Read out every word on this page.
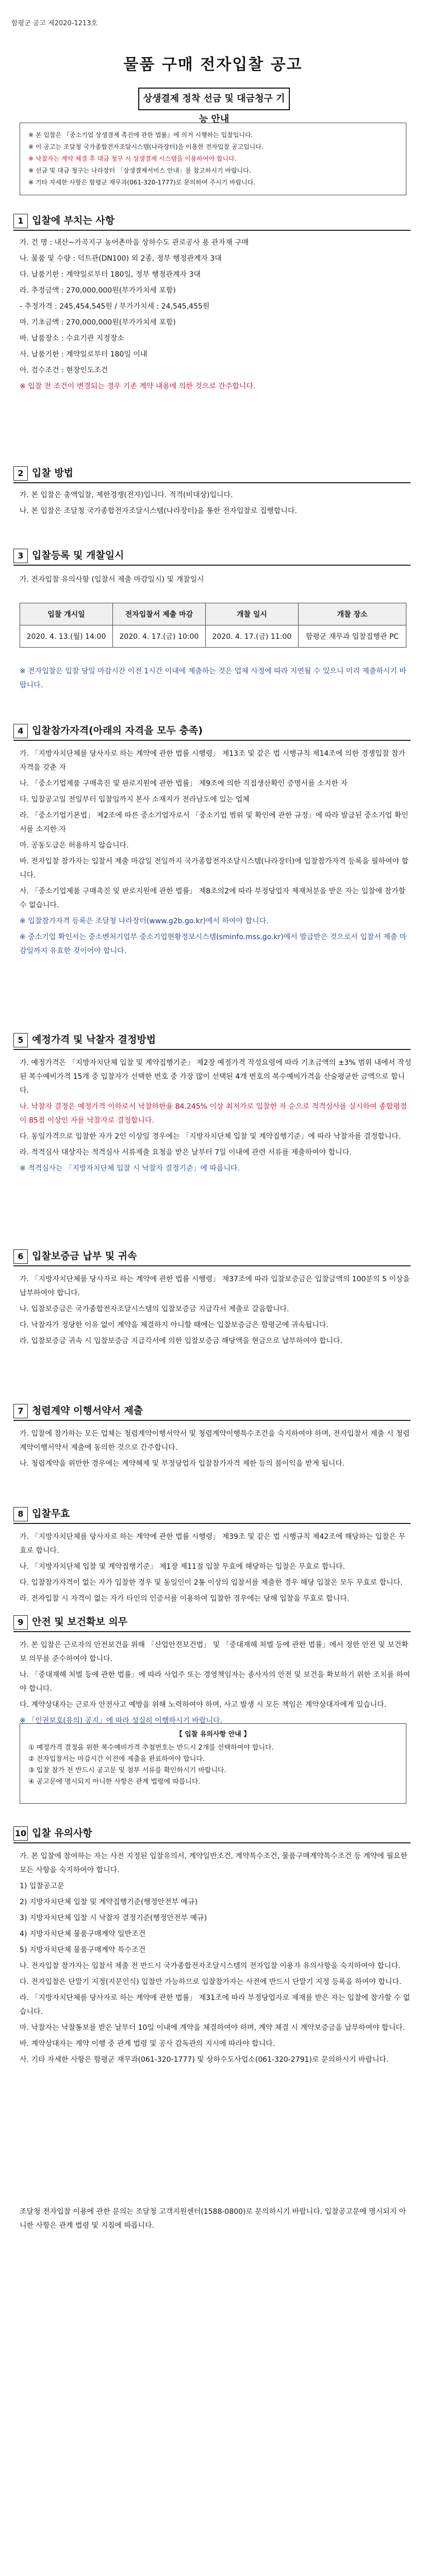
함평군 공고 제2020-1213호
물품 구매 전자입찰 공고
상생결제 정착 선금 및 대금청구 기능 안내
※ 본 입찰은 『중소기업 상생결제 촉진에 관한 법률』에 의거 시행하는 입찰입니다.
※ 이 공고는 조달청 국가종합전자조달시스템(나라장터)을 이용한 전자입찰 공고입니다.
※ 낙찰자는 계약 체결 후 대금 청구 시 상생결제 시스템을 이용하여야 합니다.
※ 선금 및 대금 청구는 나라장터 「상생결제서비스 안내」를 참고하시기 바랍니다.
※ 기타 자세한 사항은 함평군 재무과(061-320-1777)로 문의하여 주시기 바랍니다.
1 입찰에 부치는 사항

가. 건 명 : 내산~가곡지구 농어촌마을 상하수도 관로공사 용 관자재 구매

나. 물품 및 수량 : 덕트관(DN100) 외 2종, 정부 행정관계자 3대

다. 납품기한 : 계약일로부터 180일, 정부 행정관계자 3대

라. 추정금액 : 270,000,000원(부가가치세 포함)

- 추정가격 : 245,454,545원 / 부가가치세 : 24,545,455원

마. 기초금액 : 270,000,000원(부가가치세 포함)

바. 납품장소 : 수요기관 지정장소

사. 납품기한 : 계약일로부터 180일 이내

아. 검수조건 : 현장인도조건

※ 입찰 전 조건이 변경되는 경우 기존 계약 내용에 의한 것으로 간주합니다.

2 입찰 방법

가. 본 입찰은 총액입찰, 제한경쟁(전자)입니다. 적격(비대상)입니다.

나. 본 입찰은 조달청 국가종합전자조달시스템(나라장터)을 통한 전자입찰로 집행합니다.

3 입찰등록 및 개찰일시

가. 전자입찰 유의사항 (입찰서 제출 마감일시) 및 개찰일시

입찰 개시일	전자입찰서 제출 마감	개찰 일시	개찰 장소
2020. 4. 13.(월) 14:00	2020. 4. 17.(금) 10:00	2020. 4. 17.(금) 11:00	함평군 재무과 입찰집행관 PC

※ 전자입찰은 입찰 당일 마감시간 이전 1시간 이내에 제출하는 것은 업체 사정에 따라 지연될 수 있으니 미리 제출하시기 바랍니다.

4 입찰참가자격(아래의 자격을 모두 충족)

가. 「지방자치단체를 당사자로 하는 계약에 관한 법률 시행령」 제13조 및 같은 법 시행규칙 제14조에 의한 경쟁입찰 참가자격을 갖춘 자

나. 「중소기업제품 구매촉진 및 판로지원에 관한 법률」 제9조에 의한 직접생산확인 증명서를 소지한 자

다. 입찰공고일 전일부터 입찰일까지 본사 소재지가 전라남도에 있는 업체

라. 「중소기업기본법」 제2조에 따른 중소기업자로서 「중소기업 범위 및 확인에 관한 규정」에 따라 발급된 중소기업 확인서를 소지한 자

마. 공동도급은 허용하지 않습니다.

바. 전자입찰 참가자는 입찰서 제출 마감일 전일까지 국가종합전자조달시스템(나라장터)에 입찰참가자격 등록을 필하여야 합니다.

사. 「중소기업제품 구매촉진 및 판로지원에 관한 법률」 제8조의2에 따라 부정당업자 제재처분을 받은 자는 입찰에 참가할 수 없습니다.

※ 입찰참가자격 등록은 조달청 나라장터(www.g2b.go.kr)에서 하여야 합니다.

※ 중소기업 확인서는 중소벤처기업부 중소기업현황정보시스템(sminfo.mss.go.kr)에서 발급받은 것으로서 입찰서 제출 마감일까지 유효한 것이어야 합니다.

5 예정가격 및 낙찰자 결정방법

가. 예정가격은 「지방자치단체 입찰 및 계약집행기준」 제2장 예정가격 작성요령에 따라 기초금액의 ±3% 범위 내에서 작성된 복수예비가격 15개 중 입찰자가 선택한 번호 중 가장 많이 선택된 4개 번호의 복수예비가격을 산술평균한 금액으로 합니다.

나. 낙찰자 결정은 예정가격 이하로서 낙찰하한율 84.245% 이상 최저가로 입찰한 자 순으로 적격심사를 실시하여 종합평점이 85점 이상인 자를 낙찰자로 결정합니다.

다. 동일가격으로 입찰한 자가 2인 이상일 경우에는 「지방자치단체 입찰 및 계약집행기준」에 따라 낙찰자를 결정합니다.

라. 적격심사 대상자는 적격심사 서류제출 요청을 받은 날부터 7일 이내에 관련 서류를 제출하여야 합니다.

※ 적격심사는 「지방자치단체 입찰 시 낙찰자 결정기준」에 따릅니다.

6 입찰보증금 납부 및 귀속

가. 「지방자치단체를 당사자로 하는 계약에 관한 법률 시행령」 제37조에 따라 입찰보증금은 입찰금액의 100분의 5 이상을 납부하여야 합니다.

나. 입찰보증금은 국가종합전자조달시스템의 입찰보증금 지급각서 제출로 갈음합니다.

다. 낙찰자가 정당한 이유 없이 계약을 체결하지 아니할 때에는 입찰보증금은 함평군에 귀속됩니다.

라. 입찰보증금 귀속 시 입찰보증금 지급각서에 의한 입찰보증금 해당액을 현금으로 납부하여야 합니다.

7 청렴계약 이행서약서 제출

가. 입찰에 참가하는 모든 업체는 청렴계약이행서약서 및 청렴계약이행특수조건을 숙지하여야 하며, 전자입찰서 제출 시 청렴계약이행서약서 제출에 동의한 것으로 간주합니다.

나. 청렴계약을 위반한 경우에는 계약해제 및 부정당업자 입찰참가자격 제한 등의 불이익을 받게 됩니다.

8 입찰무효

가. 「지방자치단체를 당사자로 하는 계약에 관한 법률 시행령」 제39조 및 같은 법 시행규칙 제42조에 해당하는 입찰은 무효로 합니다.

나. 「지방자치단체 입찰 및 계약집행기준」 제1장 제11절 입찰 무효에 해당하는 입찰은 무효로 합니다.

다. 입찰참가자격이 없는 자가 입찰한 경우 및 동일인이 2통 이상의 입찰서를 제출한 경우 해당 입찰은 모두 무효로 합니다.

라. 전자입찰 시 자격이 없는 자가 타인의 인증서를 이용하여 입찰한 경우에는 당해 입찰을 무효로 합니다.

9 안전 및 보건확보 의무

가. 본 입찰은 근로자의 안전보건을 위해 「산업안전보건법」 및 「중대재해 처벌 등에 관한 법률」에서 정한 안전 및 보건확보 의무를 준수하여야 합니다.

나. 「중대재해 처벌 등에 관한 법률」에 따라 사업주 또는 경영책임자는 종사자의 안전 및 보건을 확보하기 위한 조치를 하여야 합니다.

다. 계약상대자는 근로자 안전사고 예방을 위해 노력하여야 하며, 사고 발생 시 모든 책임은 계약상대자에게 있습니다.

※ 「인권보호(유의) 공지」에 따라 성실히 이행하시기 바랍니다.

【 입찰 유의사항 안내 】
① 예정가격 결정을 위한 복수예비가격 추첨번호는 반드시 2개를 선택하여야 합니다.
② 전자입찰서는 마감시간 이전에 제출을 완료하여야 합니다.
③ 입찰 참가 전 반드시 공고문 및 첨부 서류를 확인하시기 바랍니다.
④ 공고문에 명시되지 아니한 사항은 관계 법령에 따릅니다.
10 입찰 유의사항

가. 본 입찰에 참여하는 자는 사전 지정된 입찰유의서, 계약일반조건, 계약특수조건, 물품구매계약특수조건 등 계약에 필요한 모든 사항을 숙지하여야 합니다.

1) 입찰공고문

2) 지방자치단체 입찰 및 계약집행기준(행정안전부 예규)

3) 지방자치단체 입찰 시 낙찰자 결정기준(행정안전부 예규)

4) 지방자치단체 물품구매계약 일반조건

5) 지방자치단체 물품구매계약 특수조건

나. 전자입찰 참가자는 입찰서 제출 전 반드시 국가종합전자조달시스템의 전자입찰 이용자 유의사항을 숙지하여야 합니다.

다. 전자입찰은 단말기 지정(지문인식) 입찰만 가능하므로 입찰참가자는 사전에 반드시 단말기 지정 등록을 하여야 합니다.

라. 「지방자치단체를 당사자로 하는 계약에 관한 법률」 제31조에 따라 부정당업자로 제재를 받은 자는 입찰에 참가할 수 없습니다.

마. 낙찰자는 낙찰통보를 받은 날부터 10일 이내에 계약을 체결하여야 하며, 계약 체결 시 계약보증금을 납부하여야 합니다.

바. 계약상대자는 계약 이행 중 관계 법령 및 공사 감독관의 지시에 따라야 합니다.

사. 기타 자세한 사항은 함평군 재무과(061-320-1777) 및 상하수도사업소(061-320-2791)로 문의하시기 바랍니다.

조달청 전자입찰 이용에 관한 문의는 조달청 고객지원센터(1588-0800)로 문의하시기 바랍니다. 입찰공고문에 명시되지 아니한 사항은 관계 법령 및 지침에 따릅니다.
